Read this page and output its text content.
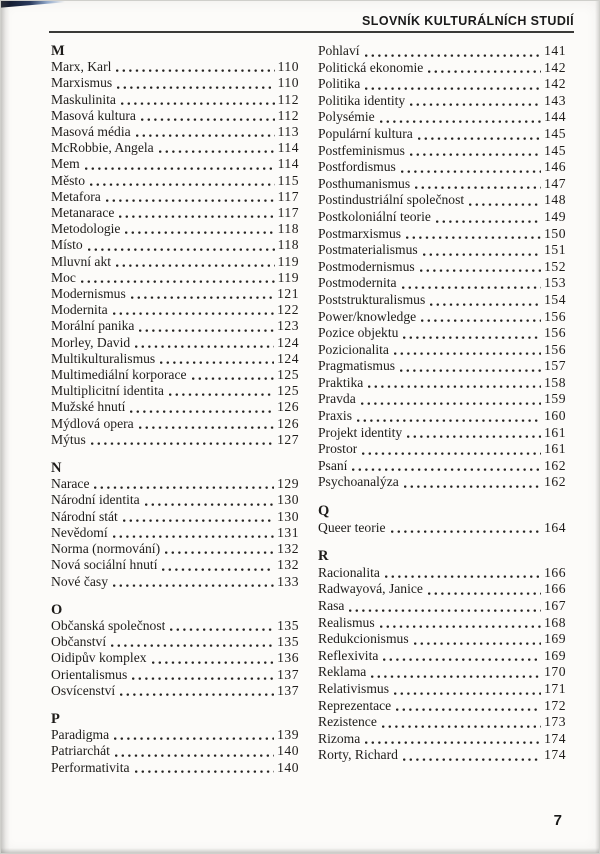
SLOVNÍK KULTURÁLNÍCH STUDIÍ
M
Marx, Karl	110
Marxismus	110
Maskulinita	112
Masová kultura	112
Masová média	113
McRobbie, Angela	114
Mem	114
Město	115
Metafora	117
Metanarace	117
Metodologie	118
Místo	118
Mluvní akt	119
Moc	119
Modernismus	121
Modernita	122
Morální panika	123
Morley, David	124
Multikulturalismus	124
Multimediální korporace	125
Multiplicitní identita	125
Mužské hnutí	126
Mýdlová opera	126
Mýtus	127
N
Narace	129
Národní identita	130
Národní stát	130
Nevědomí	131
Norma (normování)	132
Nová sociální hnutí	132
Nové časy	133
O
Občanská společnost	135
Občanství	135
Oidipův komplex	136
Orientalismus	137
Osvícenství	137
P
Paradigma	139
Patriarchát	140
Performativita	140
Pohlaví	141
Politická ekonomie	142
Politika	142
Politika identity	143
Polysémie	144
Populární kultura	145
Postfeminismus	145
Postfordismus	146
Posthumanismus	147
Postindustriální společnost	148
Postkoloniální teorie	149
Postmarxismus	150
Postmaterialismus	151
Postmodernismus	152
Postmodernita	153
Poststrukturalismus	154
Power/knowledge	156
Pozice objektu	156
Pozicionalita	156
Pragmatismus	157
Praktika	158
Pravda	159
Praxis	160
Projekt identity	161
Prostor	161
Psaní	162
Psychoanalýza	162
Q
Queer teorie	164
R
Racionalita	166
Radwayová, Janice	166
Rasa	167
Realismus	168
Redukcionismus	169
Reflexivita	169
Reklama	170
Relativismus	171
Reprezentace	172
Rezistence	173
Rizoma	174
Rorty, Richard	174
7
